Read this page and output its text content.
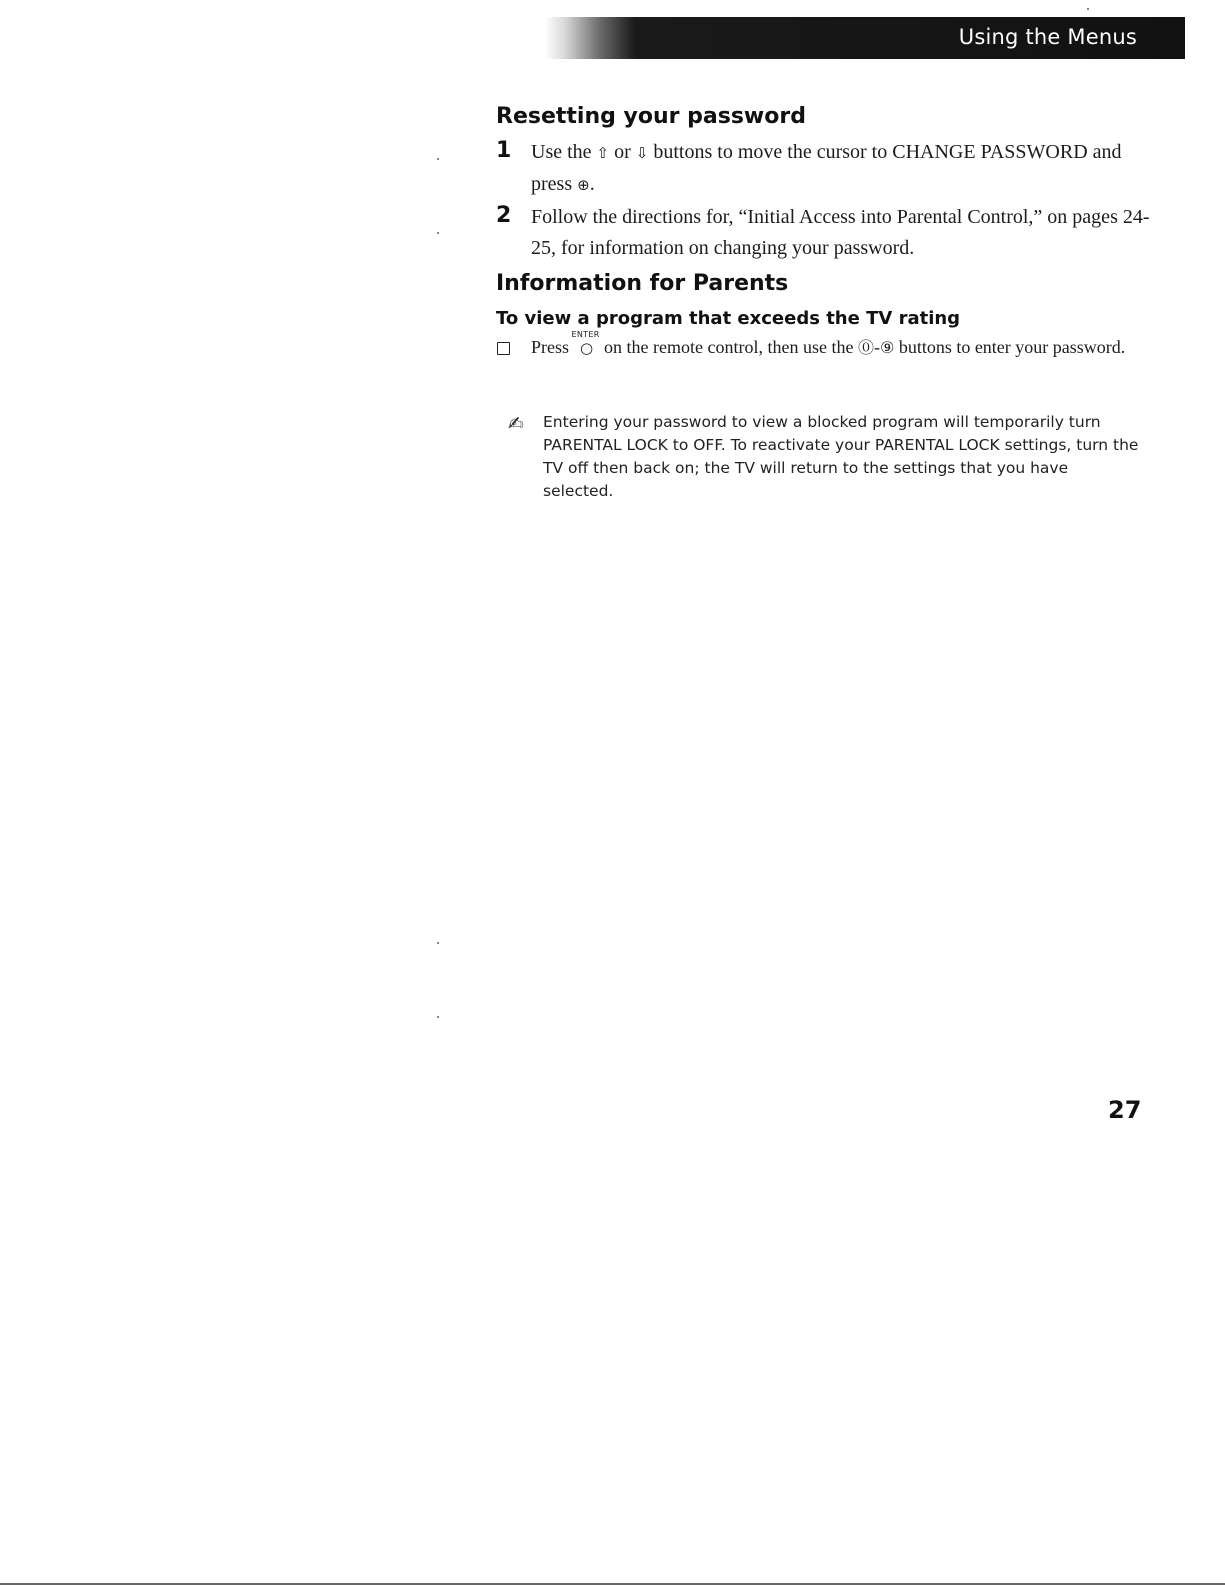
Using the Menus
Resetting your password
1 Use the ⇧ or ⇩ buttons to move the cursor to CHANGE PASSWORD and press ⊕.
2 Follow the directions for, “Initial Access into Parental Control,” on pages 24-25, for information on changing your password.
Information for Parents
To view a program that exceeds the TV rating
Press
ENTER
○ on the remote control, then use the ⓪-⑨ buttons to enter your password.
✍ Entering your password to view a blocked program will temporarily turn PARENTAL LOCK to OFF. To reactivate your PARENTAL LOCK settings, turn the TV off then back on; the TV will return to the settings that you have selected.
27
